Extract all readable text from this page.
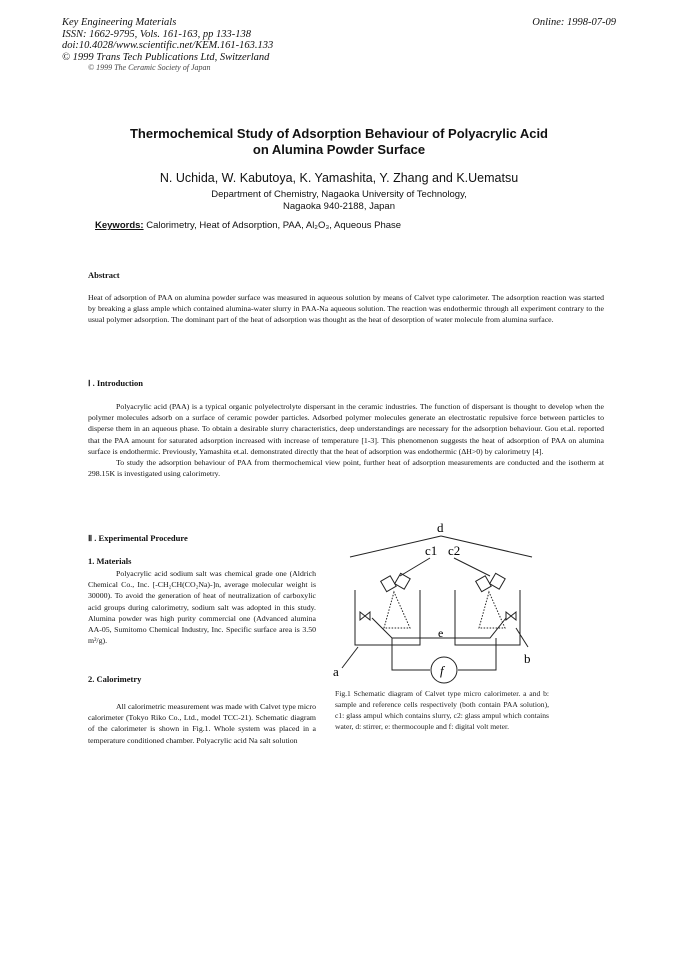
Key Engineering Materials
ISSN: 1662-9795, Vols. 161-163, pp 133-138
doi:10.4028/www.scientific.net/KEM.161-163.133
© 1999 Trans Tech Publications Ltd, Switzerland
© 1999 The Ceramic Society of Japan
Online: 1998-07-09
Thermochemical Study of Adsorption Behaviour of Polyacrylic Acid
on Alumina Powder Surface
N. Uchida, W. Kabutoya, K. Yamashita, Y. Zhang and K.Uematsu
Department of Chemistry, Nagaoka University of Technology,
Nagaoka 940-2188, Japan
Keywords: Calorimetry, Heat of Adsorption, PAA, Al₂O₃, Aqueous Phase
Abstract
Heat of adsorption of PAA on alumina powder surface was measured in aqueous solution by means of Calvet type calorimeter. The adsorption reaction was started by breaking a glass ample which contained alumina-water slurry in PAA-Na aqueous solution. The reaction was endothermic through all experiment contrary to the usual polymer adsorption. The dominant part of the heat of adsorption was thought as the heat of desorption of water molecule from alumina surface.
Ⅰ . Introduction
Polyacrylic acid (PAA) is a typical organic polyelectrolyte dispersant in the ceramic industries. The function of dispersant is thought to develop when the polymer molecules adsorb on a surface of ceramic powder particles. Adsorbed polymer molecules generate an electrostatic repulsive force between particles to disperse them in an aqueous phase. To obtain a desirable slurry characteristics, deep understandings are necessary for the adsorption behaviour. Gou et.al. reported that the PAA amount for saturated adsorption increased with increase of temperature [1-3]. This phenomenon suggests the heat of adsorption of PAA on alumina surface is endothermic. Previously, Yamashita et.al. demonstrated directly that the heat of adsorption was endothermic (ΔH>0) by calorimetry [4].
To study the adsorption behaviour of PAA from thermochemical view point, further heat of adsorption measurements are conducted and the isotherm at 298.15K is investigated using calorimetry.
Ⅱ . Experimental Procedure
1. Materials
Polyacrylic acid sodium salt was chemical grade one (Aldrich Chemical Co., Inc. [-CH₂CH(CO₂Na)-]n, average molecular weight is 30000). To avoid the generation of heat of neutralization of carboxylic acid groups during calorimetry, sodium salt was adopted in this study. Alumina powder was high purity commercial one (Advanced alumina AA-05, Sumitomo Chemical Industry, Inc. Specific surface area is 3.50 m²/g).
2. Calorimetry
All calorimetric measurement was made with Calvet type micro calorimeter (Tokyo Riko Co., Ltd., model TCC-21). Schematic diagram of the calorimeter is shown in Fig.1. Whole system was placed in a temperature conditioned chamber. Polyacrylic acid Na salt solution
d
c1 c2
e
a
b
f
Fig.1 Schematic diagram of Calvet type micro calorimeter. a and b: sample and reference cells respectively (both contain PAA solution), c1: glass ampul which contains slurry, c2: glass ampul which contains water, d: stirrer, e: thermocouple and f: digital volt meter.
